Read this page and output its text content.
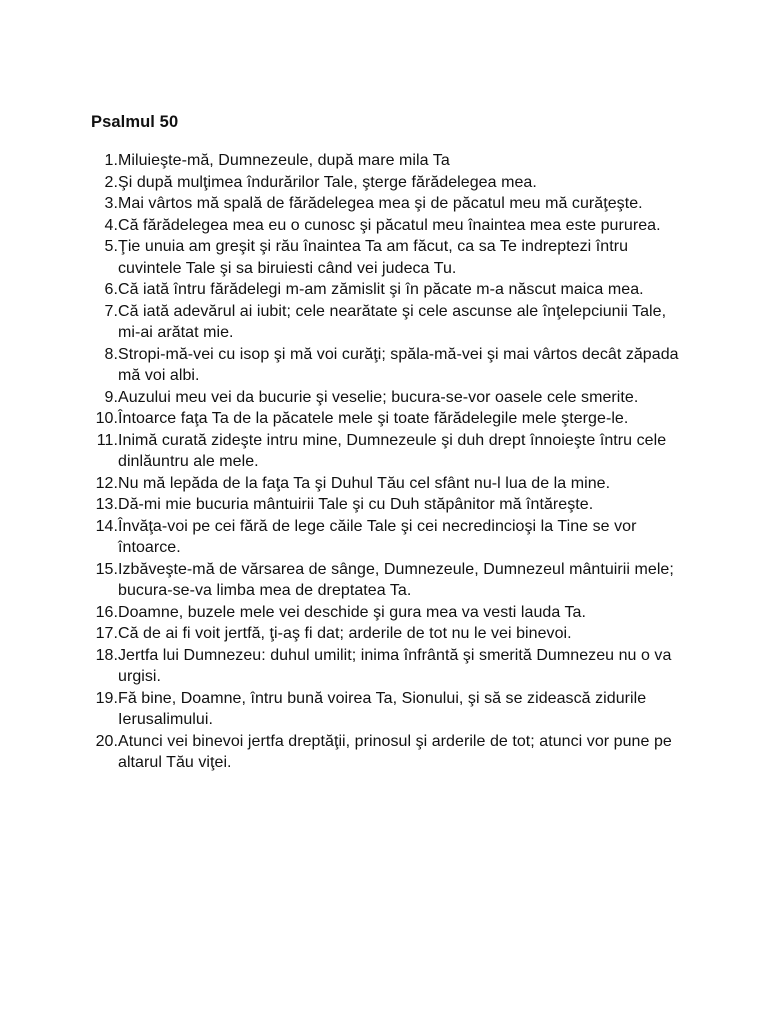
Psalmul 50
1. Miluieşte-mă, Dumnezeule, după mare mila Ta
2. Şi după mulţimea îndurărilor Tale, şterge fărădelegea mea.
3. Mai vârtos mă spală de fărădelegea mea şi de păcatul meu mă curăţeşte.
4. Că fărădelegea mea eu o cunosc şi păcatul meu înaintea mea este pururea.
5. Ţie unuia am greşit şi rău înaintea Ta am făcut, ca sa Te indreptezi întru cuvintele Tale şi sa biruiesti când vei judeca Tu.
6. Că iată întru fărădelegi m-am zămislit şi în păcate m-a născut maica mea.
7. Că iată adevărul ai iubit; cele nearătate şi cele ascunse ale înţelepciunii Tale, mi-ai arătat mie.
8. Stropi-mă-vei cu isop şi mă voi curăţi; spăla-mă-vei şi mai vârtos decât zăpada mă voi albi.
9. Auzului meu vei da bucurie şi veselie; bucura-se-vor oasele cele smerite.
10. Întoarce faţa Ta de la păcatele mele şi toate fărădelegile mele şterge-le.
11. Inimă curată zideşte intru mine, Dumnezeule şi duh drept înnoieşte întru cele dinlăuntru ale mele.
12. Nu mă lepăda de la faţa Ta şi Duhul Tău cel sfânt nu-l lua de la mine.
13. Dă-mi mie bucuria mântuirii Tale şi cu Duh stăpânitor mă întăreşte.
14. Învăţa-voi pe cei fără de lege căile Tale şi cei necredincioşi la Tine se vor întoarce.
15. Izbăveşte-mă de vărsarea de sânge, Dumnezeule, Dumnezeul mântuirii mele; bucura-se-va limba mea de dreptatea Ta.
16. Doamne, buzele mele vei deschide şi gura mea va vesti lauda Ta.
17. Că de ai fi voit jertfă, ţi-aş fi dat; arderile de tot nu le vei binevoi.
18. Jertfa lui Dumnezeu: duhul umilit; inima înfrântă şi smerită Dumnezeu nu o va urgisi.
19. Fă bine, Doamne, întru bună voirea Ta, Sionului, şi să se zidească zidurile Ierusalimului.
20. Atunci vei binevoi jertfa dreptăţii, prinosul şi arderile de tot; atunci vor pune pe altarul Tău viţei.
